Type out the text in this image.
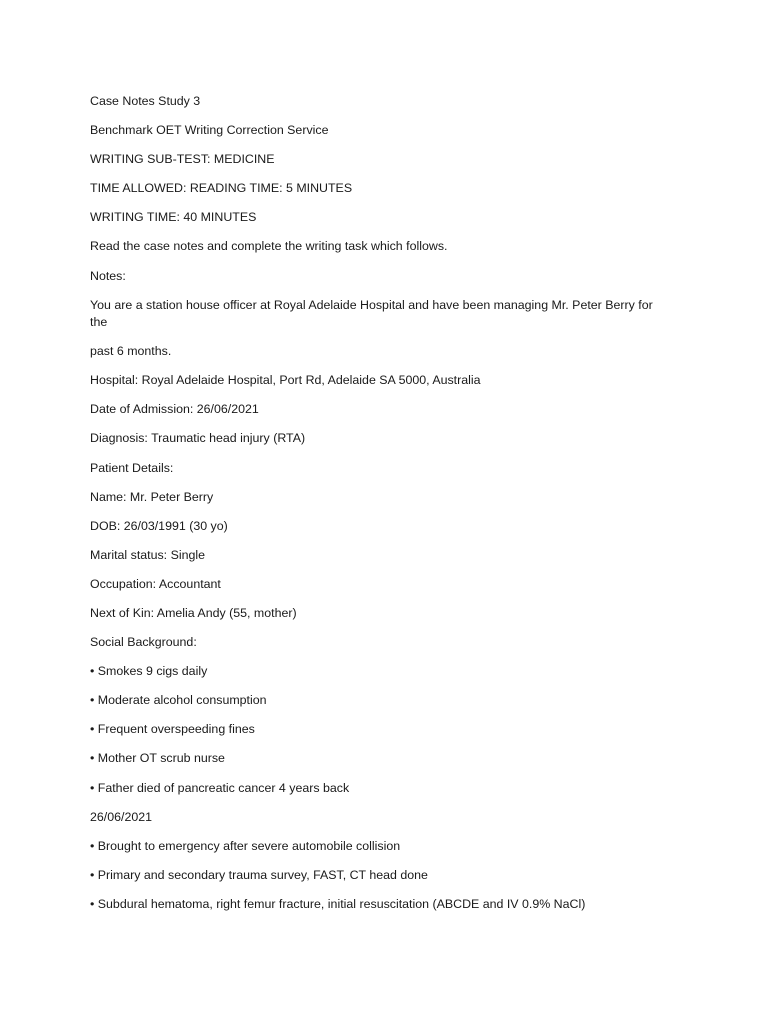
Case Notes Study 3
Benchmark OET Writing Correction Service
WRITING SUB-TEST: MEDICINE
TIME ALLOWED: READING TIME: 5 MINUTES
WRITING TIME: 40 MINUTES
Read the case notes and complete the writing task which follows.
Notes:
You are a station house officer at Royal Adelaide Hospital and have been managing Mr. Peter Berry for
the
past 6 months.
Hospital: Royal Adelaide Hospital, Port Rd, Adelaide SA 5000, Australia
Date of Admission: 26/06/2021
Diagnosis: Traumatic head injury (RTA)
Patient Details:
Name: Mr. Peter Berry
DOB: 26/03/1991 (30 yo)
Marital status: Single
Occupation: Accountant
Next of Kin: Amelia Andy (55, mother)
Social Background:
• Smokes 9 cigs daily
• Moderate alcohol consumption
• Frequent overspeeding fines
• Mother OT scrub nurse
• Father died of pancreatic cancer 4 years back
26/06/2021
• Brought to emergency after severe automobile collision
• Primary and secondary trauma survey, FAST, CT head done
• Subdural hematoma, right femur fracture, initial resuscitation (ABCDE and IV 0.9% NaCl)
